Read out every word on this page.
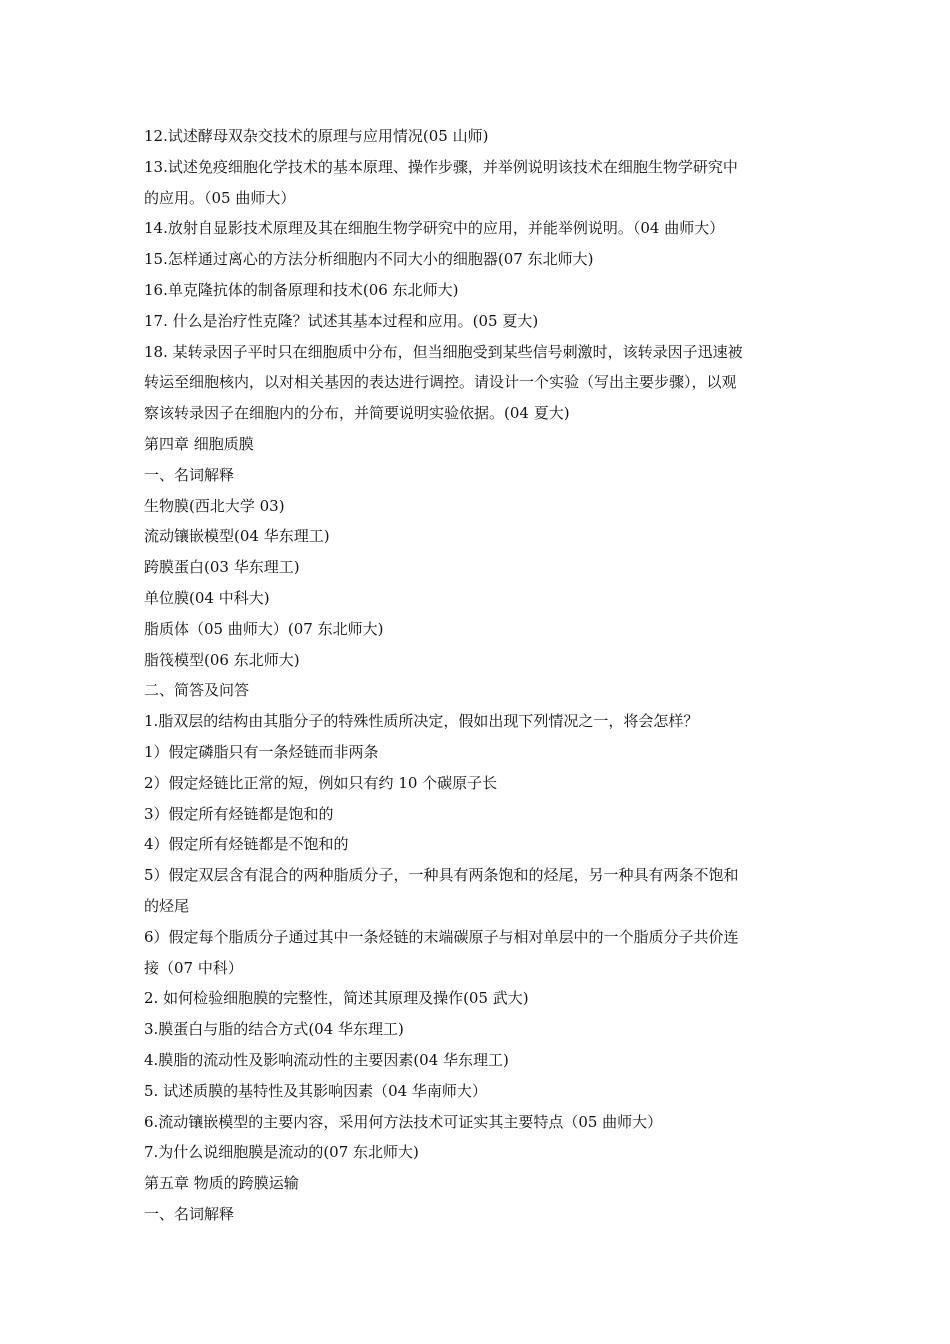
12.试述酵母双杂交技术的原理与应用情况(05 山师)
13.试述免疫细胞化学技术的基本原理、操作步骤，并举例说明该技术在细胞生物学研究中
的应用。（05 曲师大）
14.放射自显影技术原理及其在细胞生物学研究中的应用，并能举例说明。（04 曲师大）
15.怎样通过离心的方法分析细胞内不同大小的细胞器(07 东北师大)
16.单克隆抗体的制备原理和技术(06 东北师大)
17. 什么是治疗性克隆？试述其基本过程和应用。(05 夏大)
18. 某转录因子平时只在细胞质中分布，但当细胞受到某些信号刺激时，该转录因子迅速被
转运至细胞核内，以对相关基因的表达进行调控。请设计一个实验（写出主要步骤），以观
察该转录因子在细胞内的分布，并简要说明实验依据。(04 夏大)
第四章 细胞质膜
一、名词解释
生物膜(西北大学 03)
流动镶嵌模型(04 华东理工)
跨膜蛋白(03 华东理工)
单位膜(04 中科大)
脂质体（05 曲师大）(07 东北师大)
脂筏模型(06 东北师大)
二、简答及问答
1.脂双层的结构由其脂分子的特殊性质所决定，假如出现下列情况之一，将会怎样？
1）假定磷脂只有一条烃链而非两条
2）假定烃链比正常的短，例如只有约 10 个碳原子长
3）假定所有烃链都是饱和的
4）假定所有烃链都是不饱和的
5）假定双层含有混合的两种脂质分子，一种具有两条饱和的烃尾，另一种具有两条不饱和
的烃尾
6）假定每个脂质分子通过其中一条烃链的末端碳原子与相对单层中的一个脂质分子共价连
接（07 中科）
2. 如何检验细胞膜的完整性，简述其原理及操作(05 武大)
3.膜蛋白与脂的结合方式(04 华东理工)
4.膜脂的流动性及影响流动性的主要因素(04 华东理工)
5. 试述质膜的基特性及其影响因素（04 华南师大）
6.流动镶嵌模型的主要内容，采用何方法技术可证实其主要特点（05 曲师大）
7.为什么说细胞膜是流动的(07 东北师大)
第五章 物质的跨膜运输
一、名词解释
